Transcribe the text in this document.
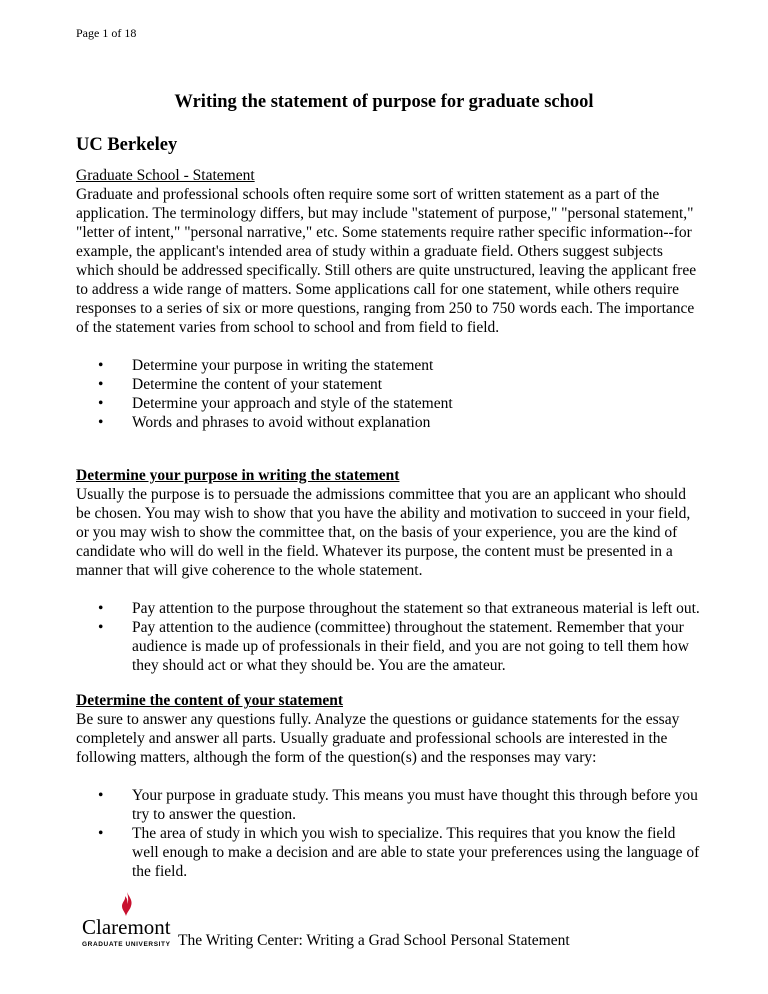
Page 1 of 18
Writing the statement of purpose for graduate school
UC Berkeley

Graduate School - Statement

Graduate and professional schools often require some sort of written statement as a part of the application. The terminology differs, but may include "statement of purpose," "personal statement," "letter of intent," "personal narrative," etc. Some statements require rather specific information--for example, the applicant's intended area of study within a graduate field. Others suggest subjects which should be addressed specifically. Still others are quite unstructured, leaving the applicant free to address a wide range of matters. Some applications call for one statement, while others require responses to a series of six or more questions, ranging from 250 to 750 words each. The importance of the statement varies from school to school and from field to field.

• Determine your purpose in writing the statement
• Determine the content of your statement
• Determine your approach and style of the statement
• Words and phrases to avoid without explanation

Determine your purpose in writing the statement

Usually the purpose is to persuade the admissions committee that you are an applicant who should be chosen. You may wish to show that you have the ability and motivation to succeed in your field, or you may wish to show the committee that, on the basis of your experience, you are the kind of candidate who will do well in the field. Whatever its purpose, the content must be presented in a manner that will give coherence to the whole statement.

• Pay attention to the purpose throughout the statement so that extraneous material is left out.
• Pay attention to the audience (committee) throughout the statement. Remember that your audience is made up of professionals in their field, and you are not going to tell them how they should act or what they should be. You are the amateur.

Determine the content of your statement

Be sure to answer any questions fully. Analyze the questions or guidance statements for the essay completely and answer all parts. Usually graduate and professional schools are interested in the following matters, although the form of the question(s) and the responses may vary:

• Your purpose in graduate study. This means you must have thought this through before you try to answer the question.
• The area of study in which you wish to specialize. This requires that you know the field well enough to make a decision and are able to state your preferences using the language of the field.
Claremont
GRADUATE UNIVERSITY The Writing Center: Writing a Grad School Personal Statement
